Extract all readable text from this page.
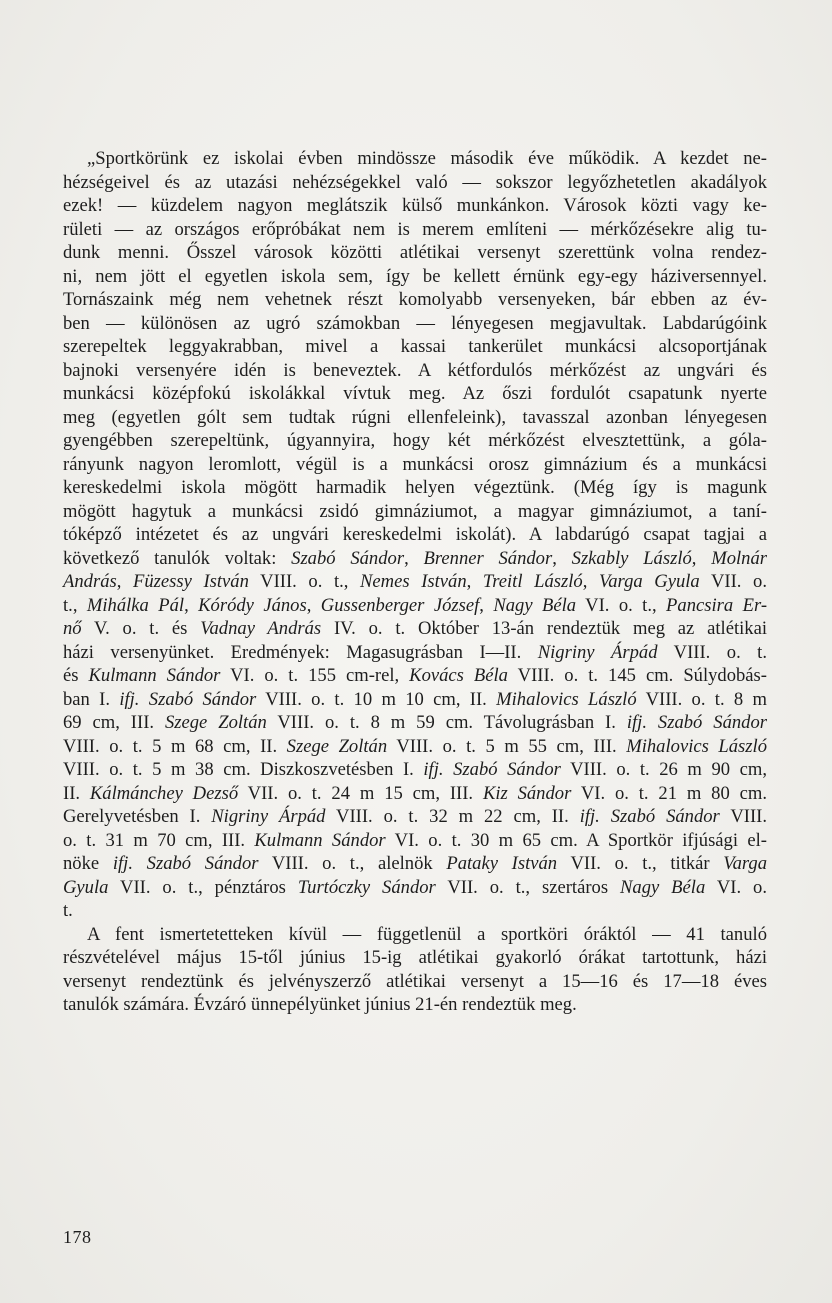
„Sportkörünk ez iskolai évben mindössze második éve működik. A kezdet ne-
hézségeivel és az utazási nehézségekkel való — sokszor legyőzhetetlen akadályok
ezek! — küzdelem nagyon meglátszik külső munkánkon. Városok közti vagy ke-
rületi — az országos erőpróbákat nem is merem említeni — mérkőzésekre alig tu-
dunk menni. Ősszel városok közötti atlétikai versenyt szerettünk volna rendez-
ni, nem jött el egyetlen iskola sem, így be kellett érnünk egy-egy háziversennyel.
Tornászaink még nem vehetnek részt komolyabb versenyeken, bár ebben az év-
ben — különösen az ugró számokban — lényegesen megjavultak. Labdarúgóink
szerepeltek leggyakrabban, mivel a kassai tankerület munkácsi alcsoportjának
bajnoki versenyére idén is beneveztek. A kétfordulós mérkőzést az ungvári és
munkácsi középfokú iskolákkal vívtuk meg. Az őszi fordulót csapatunk nyerte
meg (egyetlen gólt sem tudtak rúgni ellenfeleink), tavasszal azonban lényegesen
gyengébben szerepeltünk, úgyannyira, hogy két mérkőzést elvesztettünk, a góla-
rányunk nagyon leromlott, végül is a munkácsi orosz gimnázium és a munkácsi
kereskedelmi iskola mögött harmadik helyen végeztünk. (Még így is magunk
mögött hagytuk a munkácsi zsidó gimnáziumot, a magyar gimnáziumot, a taní-
tóképző intézetet és az ungvári kereskedelmi iskolát). A labdarúgó csapat tagjai a
következő tanulók voltak: Szabó Sándor, Brenner Sándor, Szkably László, Molnár
András, Füzessy István VIII. o. t., Nemes István, Treitl László, Varga Gyula VII. o.
t., Mihálka Pál, Kóródy János, Gussenberger József, Nagy Béla VI. o. t., Pancsira Er-
nő V. o. t. és Vadnay András IV. o. t. Október 13-án rendeztük meg az atlétikai
házi versenyünket. Eredmények: Magasugrásban I—II. Nigriny Árpád VIII. o. t.
és Kulmann Sándor VI. o. t. 155 cm-rel, Kovács Béla VIII. o. t. 145 cm. Súlydobás-
ban I. ifj. Szabó Sándor VIII. o. t. 10 m 10 cm, II. Mihalovics László VIII. o. t. 8 m
69 cm, III. Szege Zoltán VIII. o. t. 8 m 59 cm. Távolugrásban I. ifj. Szabó Sándor
VIII. o. t. 5 m 68 cm, II. Szege Zoltán VIII. o. t. 5 m 55 cm, III. Mihalovics László
VIII. o. t. 5 m 38 cm. Diszkoszvetésben I. ifj. Szabó Sándor VIII. o. t. 26 m 90 cm,
II. Kálmánchey Dezső VII. o. t. 24 m 15 cm, III. Kiz Sándor VI. o. t. 21 m 80 cm.
Gerelyvetésben I. Nigriny Árpád VIII. o. t. 32 m 22 cm, II. ifj. Szabó Sándor VIII.
o. t. 31 m 70 cm, III. Kulmann Sándor VI. o. t. 30 m 65 cm. A Sportkör ifjúsági el-
nöke ifj. Szabó Sándor VIII. o. t., alelnök Pataky István VII. o. t., titkár Varga
Gyula VII. o. t., pénztáros Turtóczky Sándor VII. o. t., szertáros Nagy Béla VI. o.
t.
A fent ismertetetteken kívül — függetlenül a sportköri óráktól — 41 tanuló
részvételével május 15-től június 15-ig atlétikai gyakorló órákat tartottunk, házi
versenyt rendeztünk és jelvényszerző atlétikai versenyt a 15—16 és 17—18 éves
tanulók számára. Évzáró ünnepélyünket június 21-én rendeztük meg.
178
